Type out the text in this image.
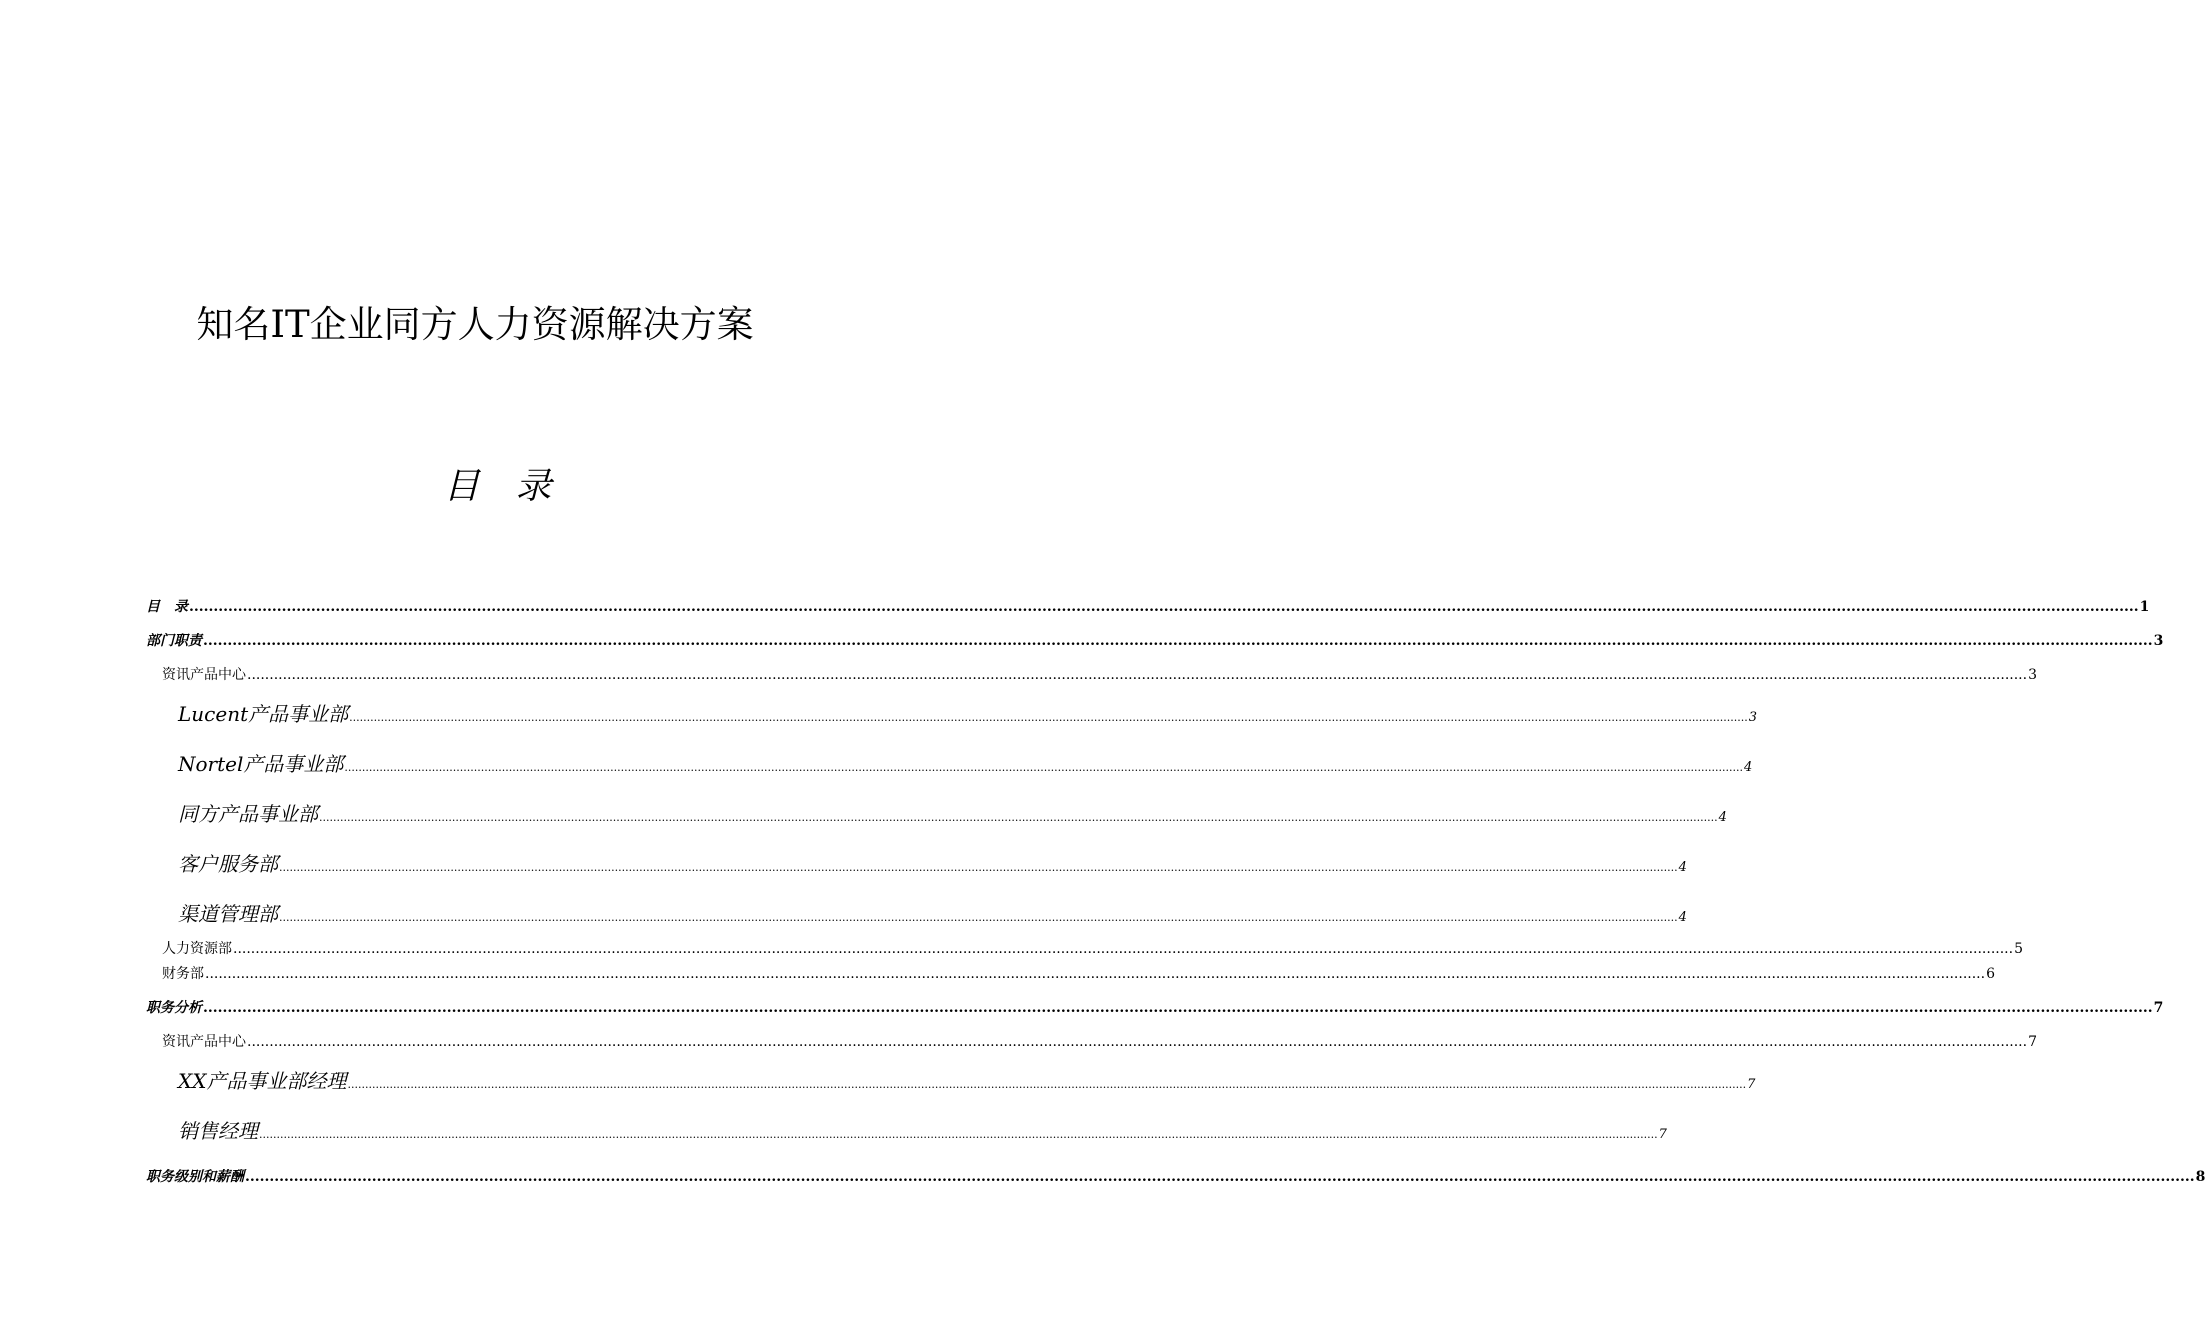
知名IT企业同方人力资源解决方案
目　录
目　录 ................................................................................................................................................................................................................................................................................................................................................................................................................ 1
部门职责 ................................................................................................................................................................................................................................................................................................................................................................................................................ 3
资讯产品中心 ................................................................................................................................................................................................................................................................................................................................................................................................................ 3
Lucent产品事业部 ................................................................................................................................................................................................................................................................................................................................................................................................................ 3
Nortel产品事业部 ................................................................................................................................................................................................................................................................................................................................................................................................................ 4
同方产品事业部 ................................................................................................................................................................................................................................................................................................................................................................................................................ 4
客户服务部 ................................................................................................................................................................................................................................................................................................................................................................................................................ 4
渠道管理部 ................................................................................................................................................................................................................................................................................................................................................................................................................ 4
人力资源部 ................................................................................................................................................................................................................................................................................................................................................................................................................ 5
财务部 ................................................................................................................................................................................................................................................................................................................................................................................................................ 6
职务分析 ................................................................................................................................................................................................................................................................................................................................................................................................................ 7
资讯产品中心 ................................................................................................................................................................................................................................................................................................................................................................................................................ 7
XX产品事业部经理 ................................................................................................................................................................................................................................................................................................................................................................................................................ 7
销售经理 ................................................................................................................................................................................................................................................................................................................................................................................................................ 7
职务级别和薪酬 ................................................................................................................................................................................................................................................................................................................................................................................................................ 8
